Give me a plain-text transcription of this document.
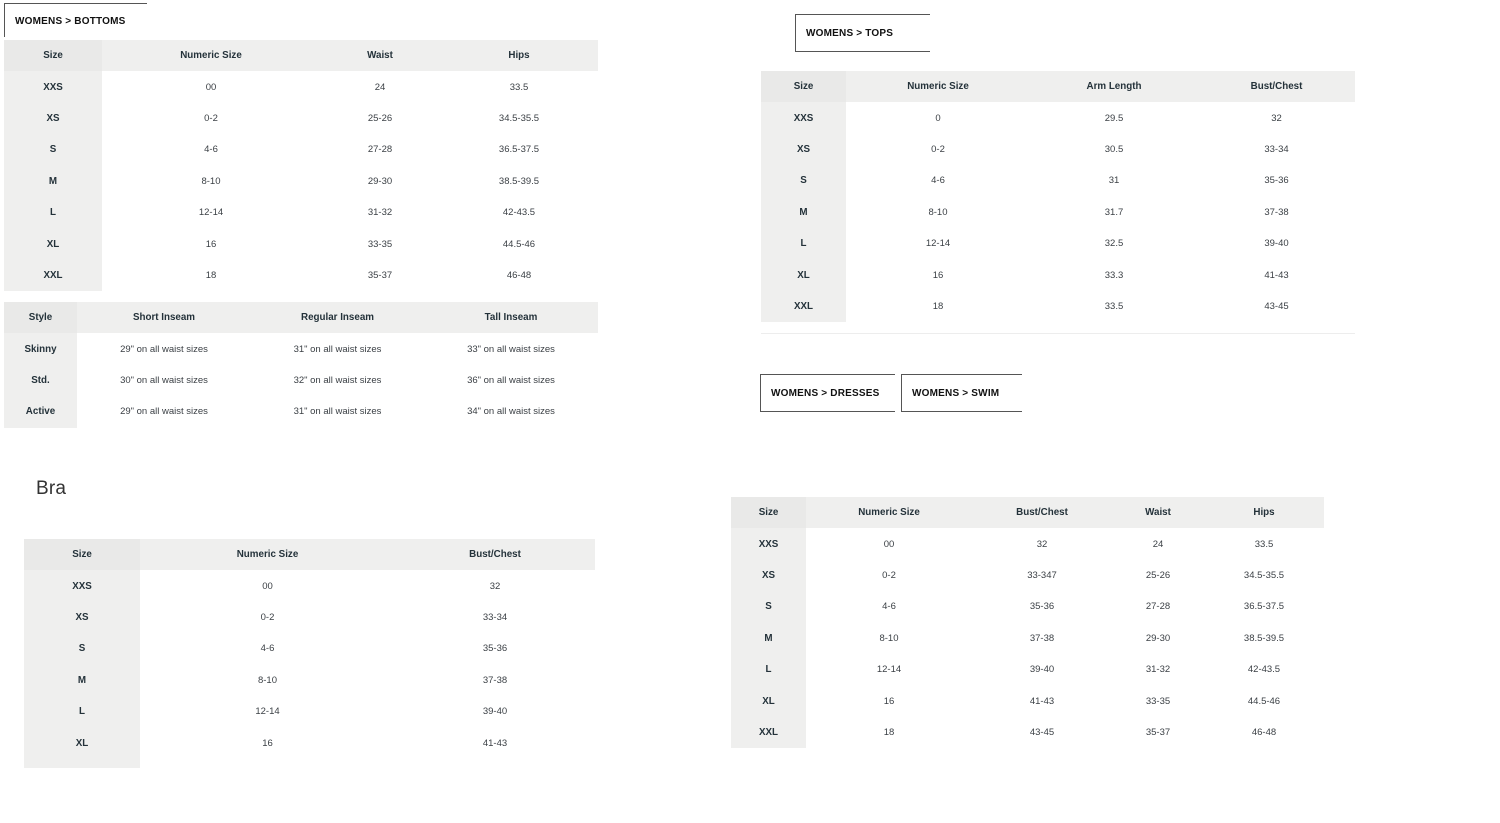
WOMENS > BOTTOMS
WOMENS > TOPS
WOMENS > DRESSES	WOMENS > SWIM
Size	Numeric Size	Waist	Hips
XXS	00	24	33.5
XS	0-2	25-26	34.5-35.5
S	4-6	27-28	36.5-37.5
M	8-10	29-30	38.5-39.5
L	12-14	31-32	42-43.5
XL	16	33-35	44.5-46
XXL	18	35-37	46-48
Style	Short Inseam	Regular Inseam	Tall Inseam
Skinny	29" on all waist sizes	31" on all waist sizes	33" on all waist sizes
Std.	30" on all waist sizes	32" on all waist sizes	36" on all waist sizes
Active	29" on all waist sizes	31" on all waist sizes	34" on all waist sizes
Size	Numeric Size	Arm Length	Bust/Chest
XXS	0	29.5	32
XS	0-2	30.5	33-34
S	4-6	31	35-36
M	8-10	31.7	37-38
L	12-14	32.5	39-40
XL	16	33.3	41-43
XXL	18	33.5	43-45
Bra
Size	Numeric Size	Bust/Chest
XXS	00	32
XS	0-2	33-34
S	4-6	35-36
M	8-10	37-38
L	12-14	39-40
XL	16	41-43
Size	Numeric Size	Bust/Chest	Waist	Hips
XXS	00	32	24	33.5
XS	0-2	33-347	25-26	34.5-35.5
S	4-6	35-36	27-28	36.5-37.5
M	8-10	37-38	29-30	38.5-39.5
L	12-14	39-40	31-32	42-43.5
XL	16	41-43	33-35	44.5-46
XXL	18	43-45	35-37	46-48
